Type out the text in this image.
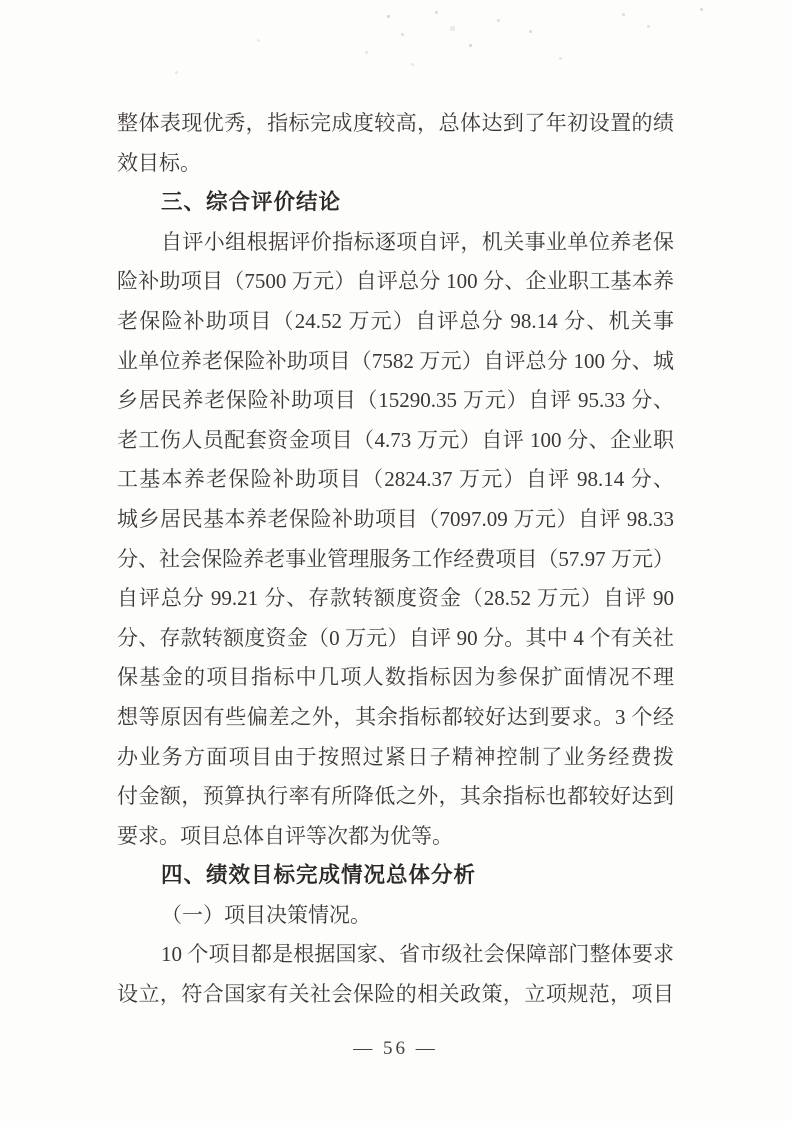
整体表现优秀，指标完成度较高，总体达到了年初设置的绩
效目标。
三、综合评价结论
自评小组根据评价指标逐项自评，机关事业单位养老保
险补助项目（7500 万元）自评总分 100 分、企业职工基本养
老保险补助项目（24.52 万元）自评总分 98.14 分、机关事
业单位养老保险补助项目（7582 万元）自评总分 100 分、城
乡居民养老保险补助项目（15290.35 万元）自评 95.33 分、
老工伤人员配套资金项目（4.73 万元）自评 100 分、企业职
工基本养老保险补助项目（2824.37 万元）自评 98.14 分、
城乡居民基本养老保险补助项目（7097.09 万元）自评 98.33
分、社会保险养老事业管理服务工作经费项目（57.97 万元）
自评总分 99.21 分、存款转额度资金（28.52 万元）自评 90
分、存款转额度资金（0 万元）自评 90 分。其中 4 个有关社
保基金的项目指标中几项人数指标因为参保扩面情况不理
想等原因有些偏差之外，其余指标都较好达到要求。3 个经
办业务方面项目由于按照过紧日子精神控制了业务经费拨
付金额，预算执行率有所降低之外，其余指标也都较好达到
要求。项目总体自评等次都为优等。
四、绩效目标完成情况总体分析
（一）项目决策情况。
10 个项目都是根据国家、省市级社会保障部门整体要求
设立，符合国家有关社会保险的相关政策，立项规范，项目
— 56 —
